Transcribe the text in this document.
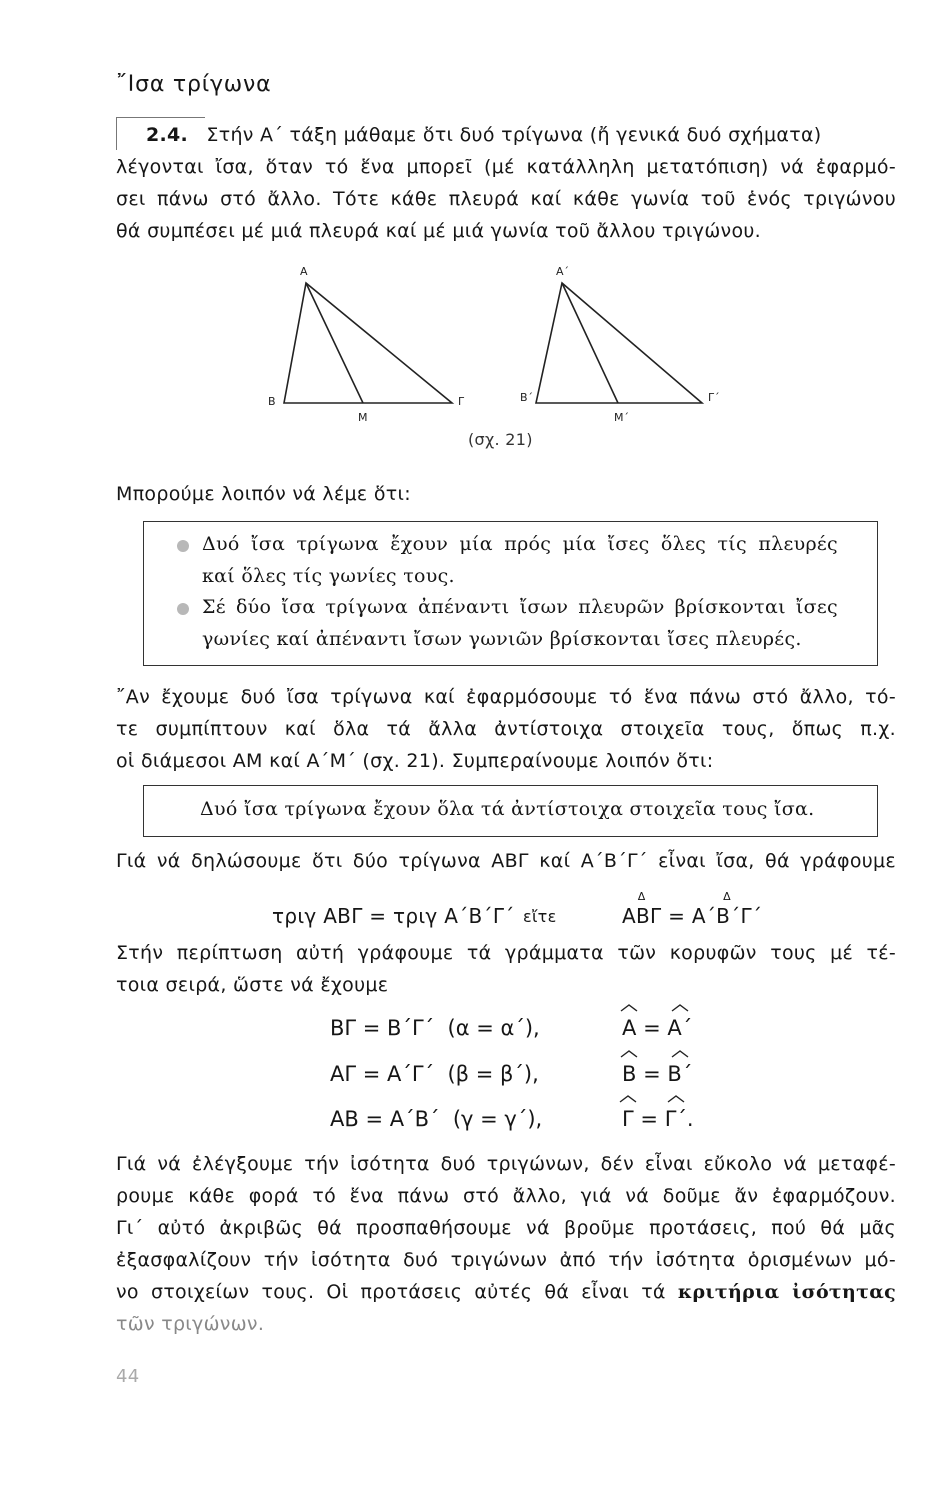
῎Ισα τρίγωνα
2.4. Στήν Α΄ τάξη μάθαμε ὅτι δυό τρίγωνα (ἤ γενικά δυό σχήματα)
λέγονται ἴσα, ὅταν τό ἕνα μπορεῖ (μέ κατάλληλη μετατόπιση) νά ἐφαρμό-
σει πάνω στό ἄλλο. Τότε κάθε πλευρά καί κάθε γωνία τοῦ ἑνός τριγώνου
θά συμπέσει μέ μιά πλευρά καί μέ μιά γωνία τοῦ ἄλλου τριγώνου.
A
B
M
Γ
A΄
B΄
M΄
Γ΄
(σχ. 21)
Μπορούμε λοιπόν νά λέμε ὅτι:
Δυό ἴσα τρίγωνα ἔχουν μία πρός μία ἴσες ὅλες τίς πλευρές
καί ὅλες τίς γωνίες τους.
Σέ δύο ἴσα τρίγωνα ἀπέναντι ἴσων πλευρῶν βρίσκονται ἴσες
γωνίες καί ἀπέναντι ἴσων γωνιῶν βρίσκονται ἴσες πλευρές.
῎Αν ἔχουμε δυό ἴσα τρίγωνα καί ἐφαρμόσουμε τό ἕνα πάνω στό ἄλλο, τό-
τε συμπίπτουν καί ὅλα τά ἄλλα ἀντίστοιχα στοιχεῖα τους, ὅπως π.χ.
οἱ διάμεσοι AM καί A΄M΄ (σχ. 21). Συμπεραίνουμε λοιπόν ὅτι:
Δυό ἴσα τρίγωνα ἔχουν ὅλα τά ἀντίστοιχα στοιχεῖα τους ἴσα.
Γιά νά δηλώσουμε ὅτι δύο τρίγωνα ΑΒΓ καί Α΄Β΄Γ΄ εἶναι ἴσα, θά γράφουμε
τριγ ΑΒΓ = τριγ Α΄Β΄Γ΄ εἴτε
Δ
ABΓ =
Δ
A΄B΄Γ΄
Στήν περίπτωση αὐτή γράφουμε τά γράμματα τῶν κορυφῶν τους μέ τέ-
τοια σειρά, ὥστε νά ἔχουμε
ΒΓ = Β΄Γ΄ (α = α΄),	A = A΄
ΑΓ = Α΄Γ΄ (β = β΄),	B = B΄
ΑΒ = Α΄Β΄ (γ = γ΄),	Γ = Γ΄.
Γιά νά ἐλέγξουμε τήν ἰσότητα δυό τριγώνων, δέν εἶναι εὔκολο νά μεταφέ-
ρουμε κάθε φορά τό ἕνα πάνω στό ἄλλο, γιά νά δοῦμε ἄν ἐφαρμόζουν.
Γι΄ αὐτό ἀκριβῶς θά προσπαθήσουμε νά βροῦμε προτάσεις, πού θά μᾶς
ἐξασφαλίζουν τήν ἰσότητα δυό τριγώνων ἀπό τήν ἰσότητα ὁρισμένων μό-
νο στοιχείων τους. Οἱ προτάσεις αὐτές θά εἶναι τά κριτήρια ἰσότητας
τῶν τριγώνων.
44
